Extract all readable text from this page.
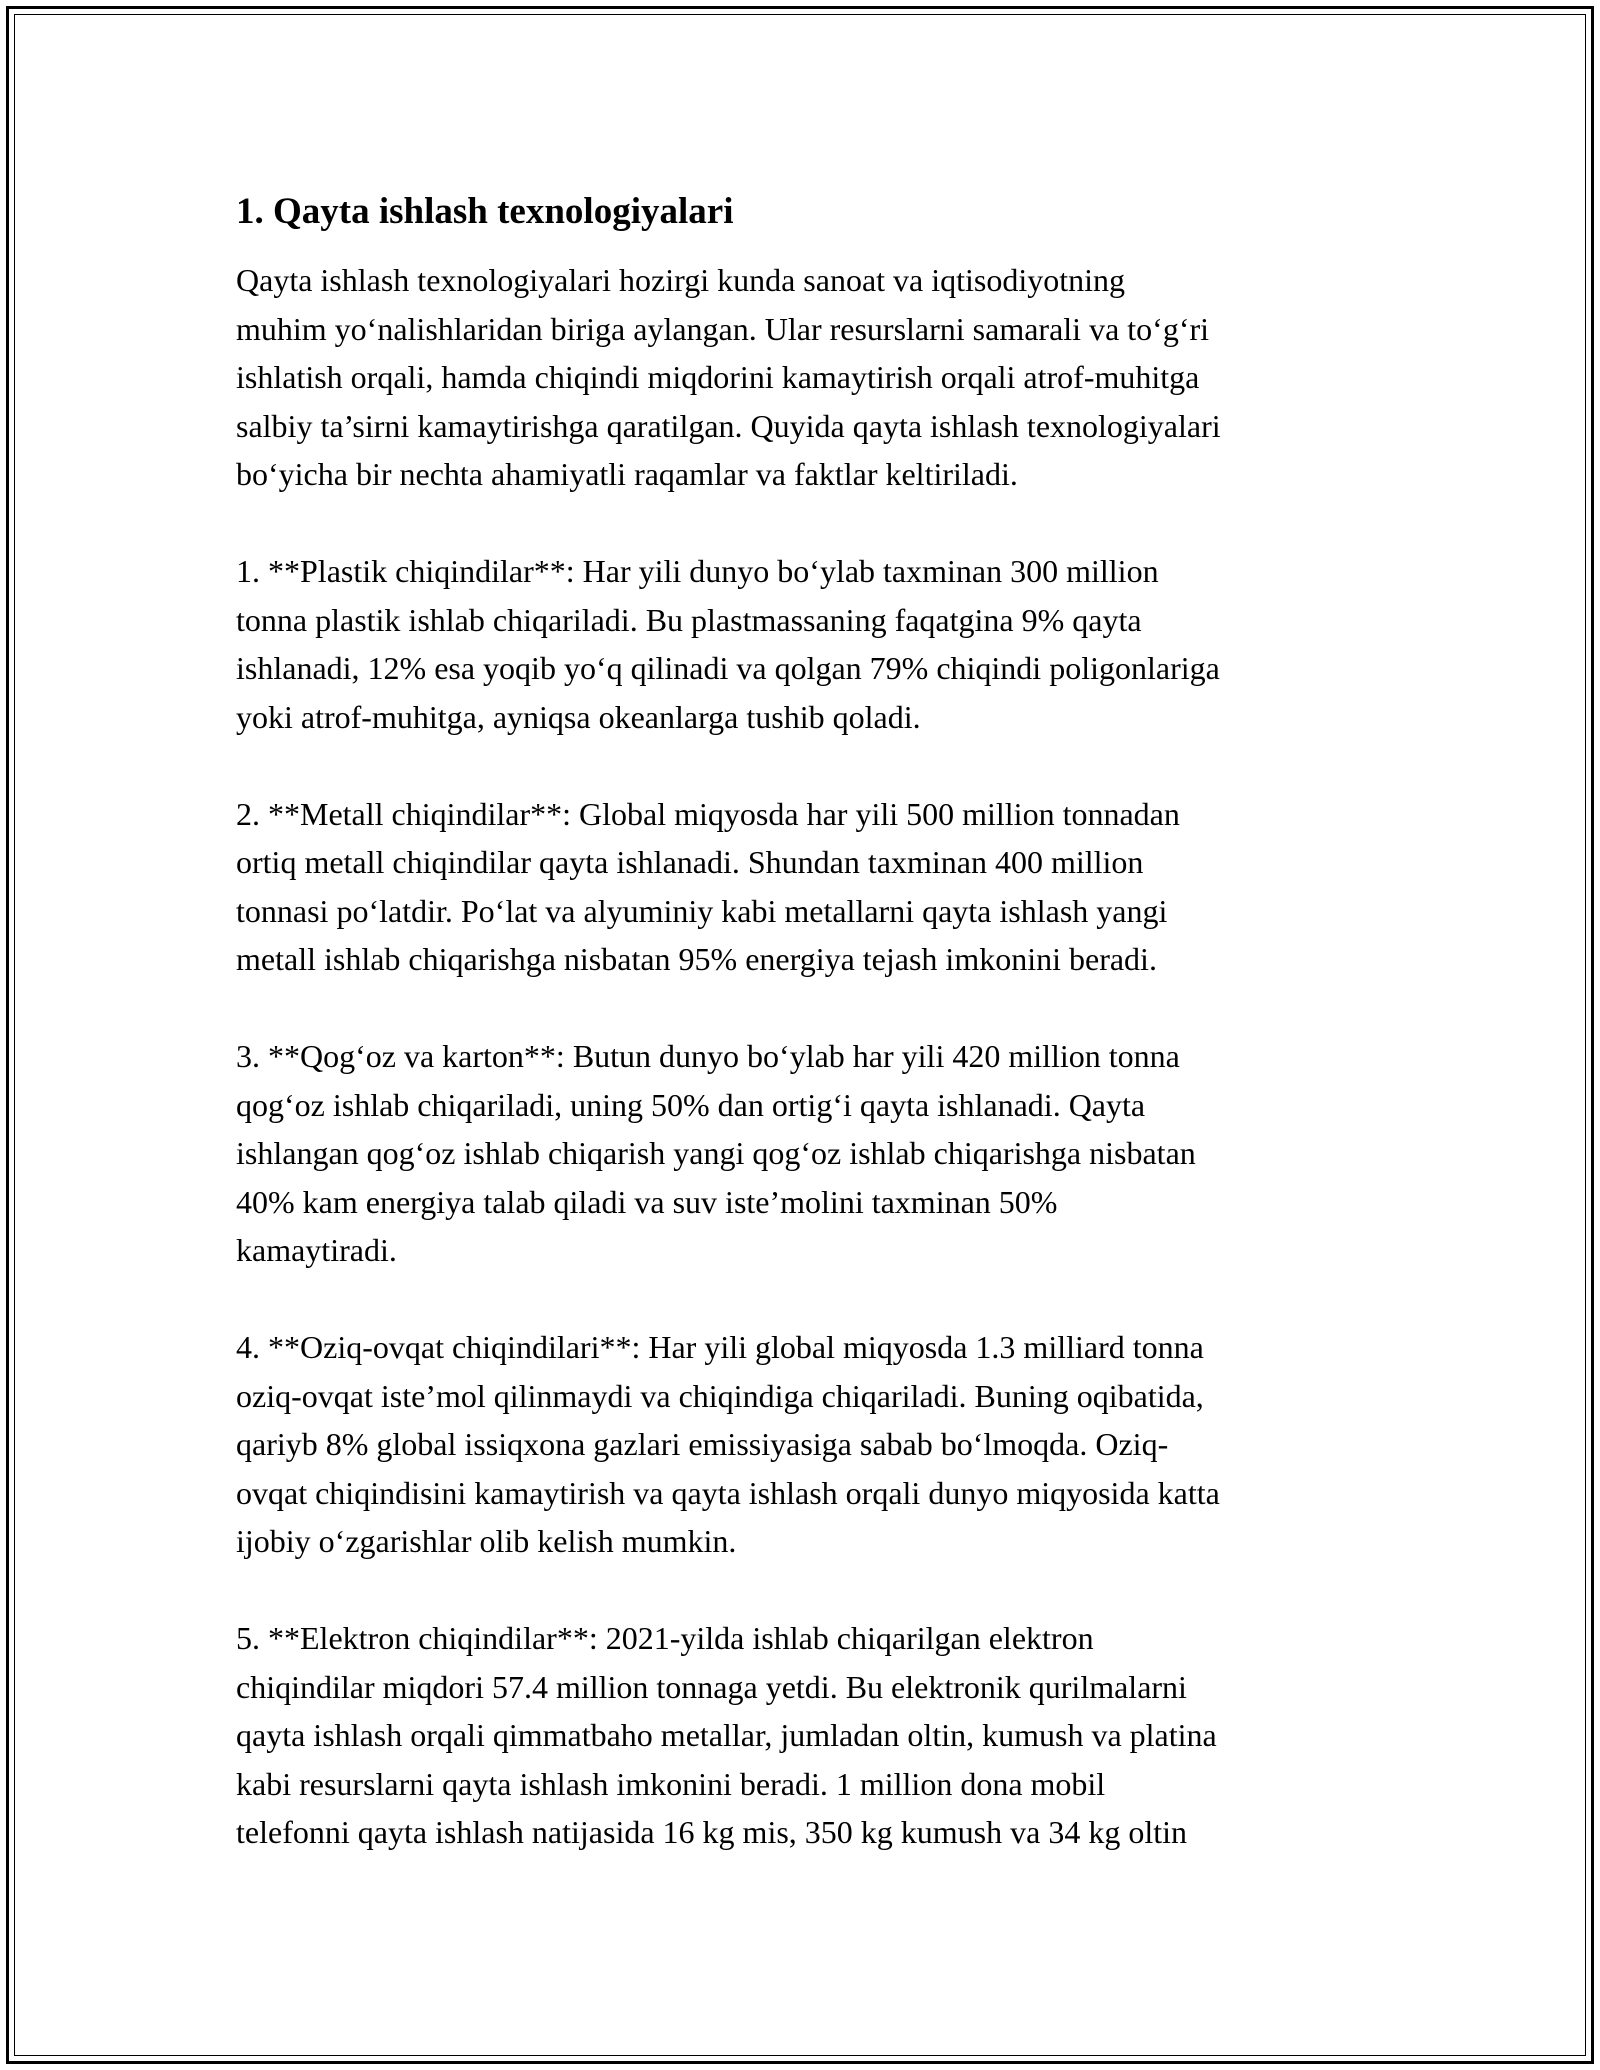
1. Qayta ishlash texnologiyalari

Qayta ishlash texnologiyalari hozirgi kunda sanoat va iqtisodiyotning
muhim yo‘nalishlaridan biriga aylangan. Ular resurslarni samarali va to‘g‘ri
ishlatish orqali, hamda chiqindi miqdorini kamaytirish orqali atrof-muhitga
salbiy ta’sirni kamaytirishga qaratilgan. Quyida qayta ishlash texnologiyalari
bo‘yicha bir nechta ahamiyatli raqamlar va faktlar keltiriladi.

1. **Plastik chiqindilar**: Har yili dunyo bo‘ylab taxminan 300 million
tonna plastik ishlab chiqariladi. Bu plastmassaning faqatgina 9% qayta
ishlanadi, 12% esa yoqib yo‘q qilinadi va qolgan 79% chiqindi poligonlariga
yoki atrof-muhitga, ayniqsa okeanlarga tushib qoladi.

2. **Metall chiqindilar**: Global miqyosda har yili 500 million tonnadan
ortiq metall chiqindilar qayta ishlanadi. Shundan taxminan 400 million
tonnasi po‘latdir. Po‘lat va alyuminiy kabi metallarni qayta ishlash yangi
metall ishlab chiqarishga nisbatan 95% energiya tejash imkonini beradi.

3. **Qog‘oz va karton**: Butun dunyo bo‘ylab har yili 420 million tonna
qog‘oz ishlab chiqariladi, uning 50% dan ortig‘i qayta ishlanadi. Qayta
ishlangan qog‘oz ishlab chiqarish yangi qog‘oz ishlab chiqarishga nisbatan
40% kam energiya talab qiladi va suv iste’molini taxminan 50%
kamaytiradi.

4. **Oziq-ovqat chiqindilari**: Har yili global miqyosda 1.3 milliard tonna
oziq-ovqat iste’mol qilinmaydi va chiqindiga chiqariladi. Buning oqibatida,
qariyb 8% global issiqxona gazlari emissiyasiga sabab bo‘lmoqda. Oziq-
ovqat chiqindisini kamaytirish va qayta ishlash orqali dunyo miqyosida katta
ijobiy o‘zgarishlar olib kelish mumkin.

5. **Elektron chiqindilar**: 2021-yilda ishlab chiqarilgan elektron
chiqindilar miqdori 57.4 million tonnaga yetdi. Bu elektronik qurilmalarni
qayta ishlash orqali qimmatbaho metallar, jumladan oltin, kumush va platina
kabi resurslarni qayta ishlash imkonini beradi. 1 million dona mobil
telefonni qayta ishlash natijasida 16 kg mis, 350 kg kumush va 34 kg oltin
